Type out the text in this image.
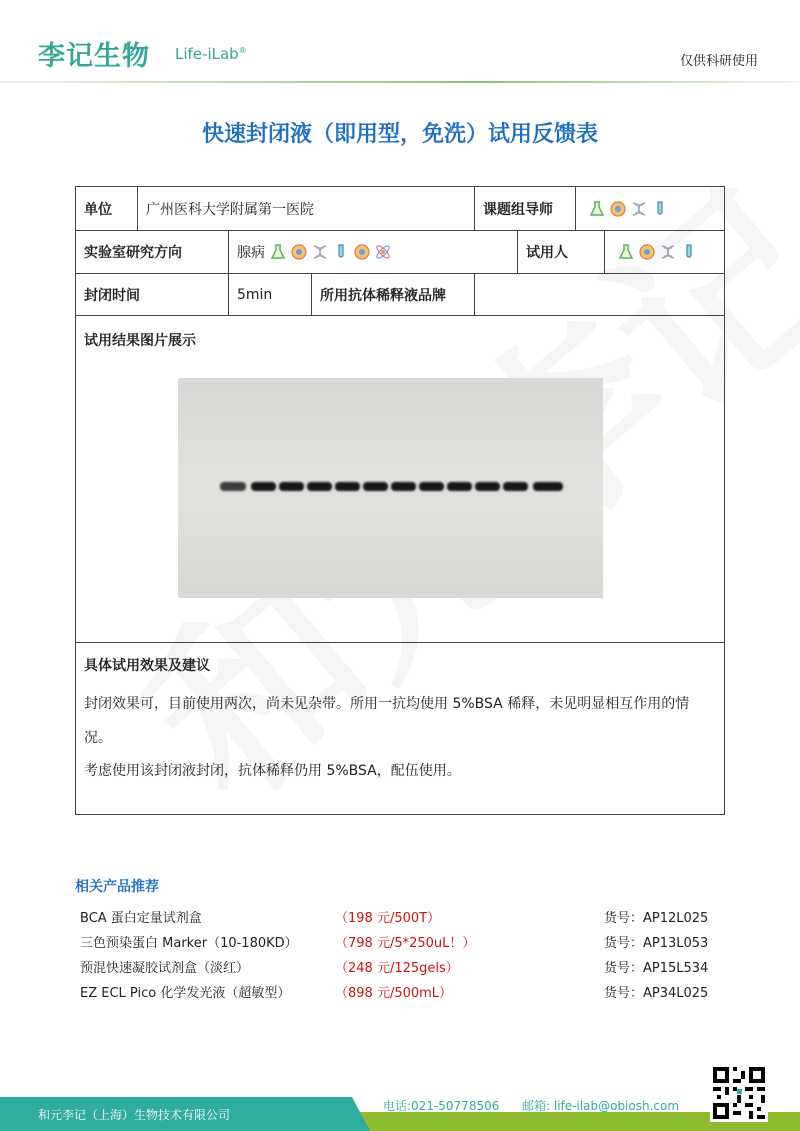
李记生物 Life-iLab®
仅供科研使用
快速封闭液（即用型，免洗）试用反馈表
单位	广州医科大学附属第一医院	课题组导师
实验室研究方向	腺病	试用人
封闭时间	5min	所用抗体稀释液品牌
试用结果图片展示
具体试用效果及建议
封闭效果可，目前使用两次，尚未见杂带。所用一抗均使用 5%BSA 稀释，未见明显相互作用的情况。
考虑使用该封闭液封闭，抗体稀释仍用 5%BSA，配伍使用。
相关产品推荐
BCA 蛋白定量试剂盒	（198 元/500T）	货号：AP12L025
三色预染蛋白 Marker（10-180KD）	（798 元/5*250uL！）	货号：AP13L053
预混快速凝胶试剂盒（淡红）	（248 元/125gels）	货号：AP15L534
EZ ECL Pico 化学发光液（超敏型）	（898 元/500mL）	货号：AP34L025
和元李记（上海）生物技术有限公司
电话:021-50778506 邮箱: life-ilab@obiosh.com
